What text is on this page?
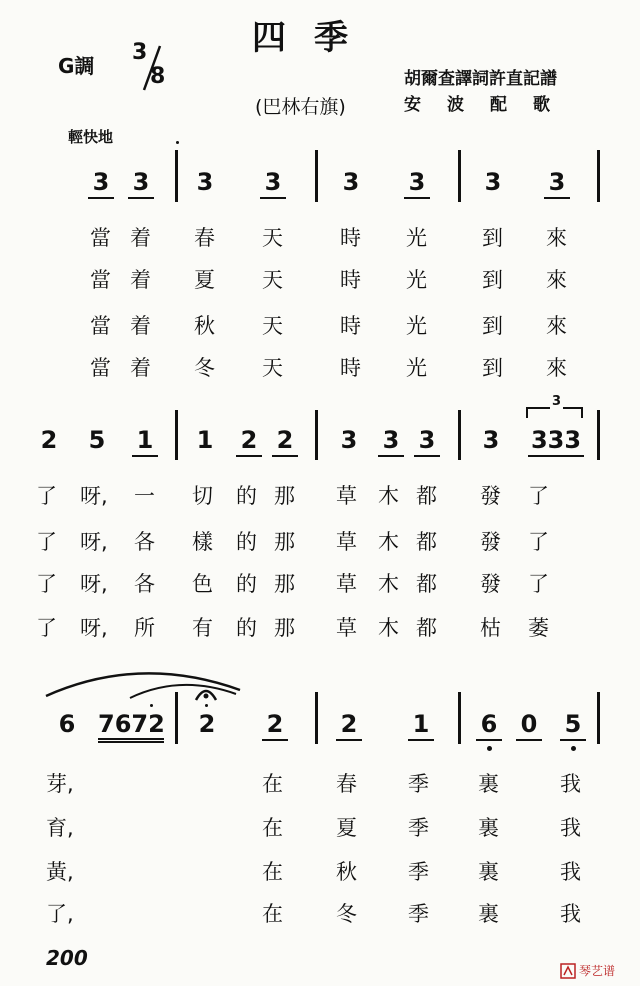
四季
G調
3
8	胡爾查譯詞許直記譜
(巴林右旗)	安波配歌
輕快地
3 3 3 3	3 3 3 3
當 着 春 天	時 光	到 來
當 着 夏 天	時 光	到 來
當 着 秋 天	時 光	到 來
當 着 冬 天	時 光	到 來
2 5 1 1 2 2 3 3 3 3 333
3
了 呀, 一 切 的 那 草 木 都 發 了
了 呀, 各 樣 的 那 草 木 都 發 了
了 呀, 各 色 的 那 草 木 都 發 了
了 呀, 所 有 的 那 草 木 都 枯 萎
6 7672 2 2 2 1 6 0 5
芽,	在	春 季 裏	我
育,	在	夏 季 裏	我
黃,	在	秋 季 裏	我
了,	在	冬 季 裏	我
200
琴艺谱
